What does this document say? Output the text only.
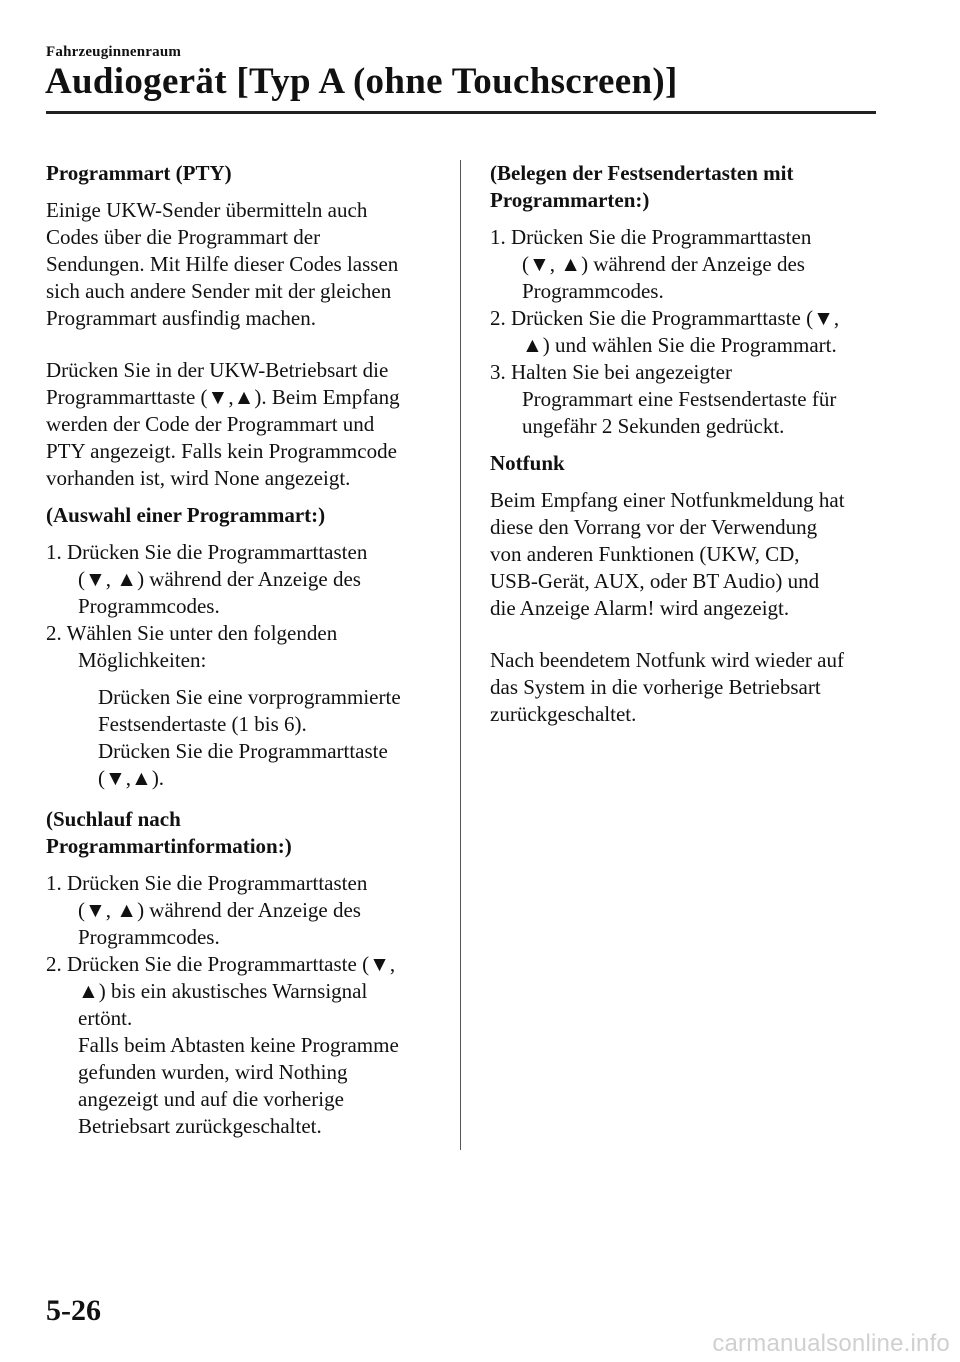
Fahrzeuginnenraum
Audiogerät [Typ A (ohne Touchscreen)]
Programmart (PTY)
Einige UKW-Sender übermitteln auch
Codes über die Programmart der
Sendungen. Mit Hilfe dieser Codes lassen
sich auch andere Sender mit der gleichen
Programmart ausfindig machen.
Drücken Sie in der UKW-Betriebsart die
Programmarttaste (▼,▲). Beim Empfang
werden der Code der Programmart und
PTY angezeigt. Falls kein Programmcode
vorhanden ist, wird None angezeigt.
(Auswahl einer Programmart:)
1. Drücken Sie die Programmarttasten
(▼, ▲) während der Anzeige des
Programmcodes.
2. Wählen Sie unter den folgenden
Möglichkeiten:
Drücken Sie eine vorprogrammierte
Festsendertaste (1 bis 6).
Drücken Sie die Programmarttaste
(▼,▲).
(Suchlauf nach
Programmartinformation:)
1. Drücken Sie die Programmarttasten
(▼, ▲) während der Anzeige des
Programmcodes.
2. Drücken Sie die Programmarttaste (▼,
▲) bis ein akustisches Warnsignal
ertönt.
Falls beim Abtasten keine Programme
gefunden wurden, wird Nothing
angezeigt und auf die vorherige
Betriebsart zurückgeschaltet.
(Belegen der Festsendertasten mit
Programmarten:)
1. Drücken Sie die Programmarttasten
(▼, ▲) während der Anzeige des
Programmcodes.
2. Drücken Sie die Programmarttaste (▼,
▲) und wählen Sie die Programmart.
3. Halten Sie bei angezeigter
Programmart eine Festsendertaste für
ungefähr 2 Sekunden gedrückt.
Notfunk
Beim Empfang einer Notfunkmeldung hat
diese den Vorrang vor der Verwendung
von anderen Funktionen (UKW, CD,
USB-Gerät, AUX, oder BT Audio) und
die Anzeige Alarm! wird angezeigt.
Nach beendetem Notfunk wird wieder auf
das System in die vorherige Betriebsart
zurückgeschaltet.
5-26
carmanualsonline.info
